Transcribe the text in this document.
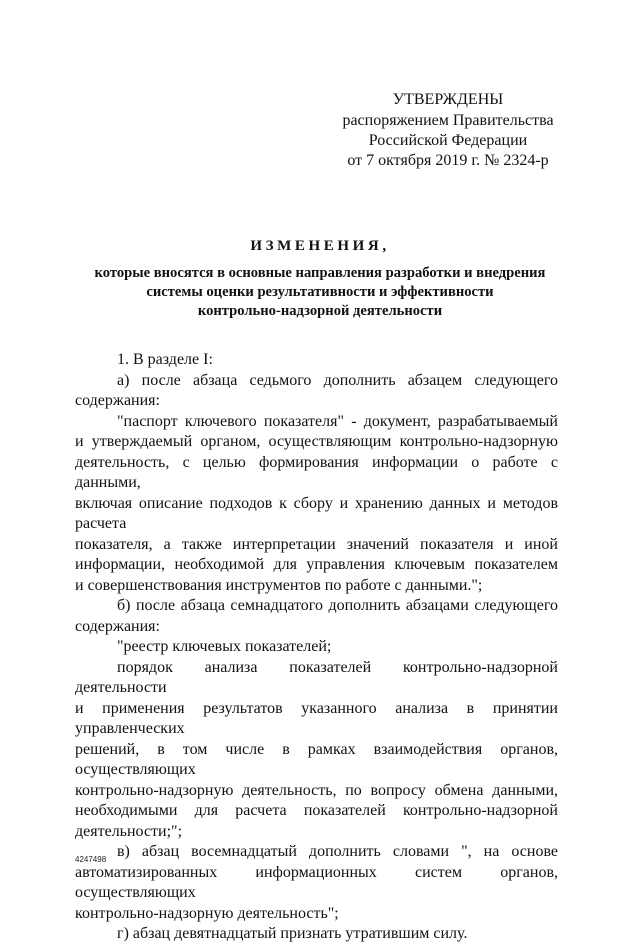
УТВЕРЖДЕНЫ
распоряжением Правительства
Российской Федерации
от 7 октября 2019 г. № 2324-р
ИЗМЕНЕНИЯ,
которые вносятся в основные направления разработки и внедрения
системы оценки результативности и эффективности
контрольно-надзорной деятельности
1. В разделе I:
а) после абзаца седьмого дополнить абзацем следующего
содержания:
"паспорт ключевого показателя" - документ, разрабатываемый
и утверждаемый органом, осуществляющим контрольно-надзорную
деятельность, с целью формирования информации о работе с данными,
включая описание подходов к сбору и хранению данных и методов расчета
показателя, а также интерпретации значений показателя и иной
информации, необходимой для управления ключевым показателем
и совершенствования инструментов по работе с данными.";
б) после абзаца семнадцатого дополнить абзацами следующего
содержания:
"реестр ключевых показателей;
порядок анализа показателей контрольно-надзорной деятельности
и применения результатов указанного анализа в принятии управленческих
решений, в том числе в рамках взаимодействия органов, осуществляющих
контрольно-надзорную деятельность, по вопросу обмена данными,
необходимыми для расчета показателей контрольно-надзорной
деятельности;";
в) абзац восемнадцатый дополнить словами ", на основе
автоматизированных информационных систем органов, осуществляющих
контрольно-надзорную деятельность";
г) абзац девятнадцатый признать утратившим силу.
4247498
